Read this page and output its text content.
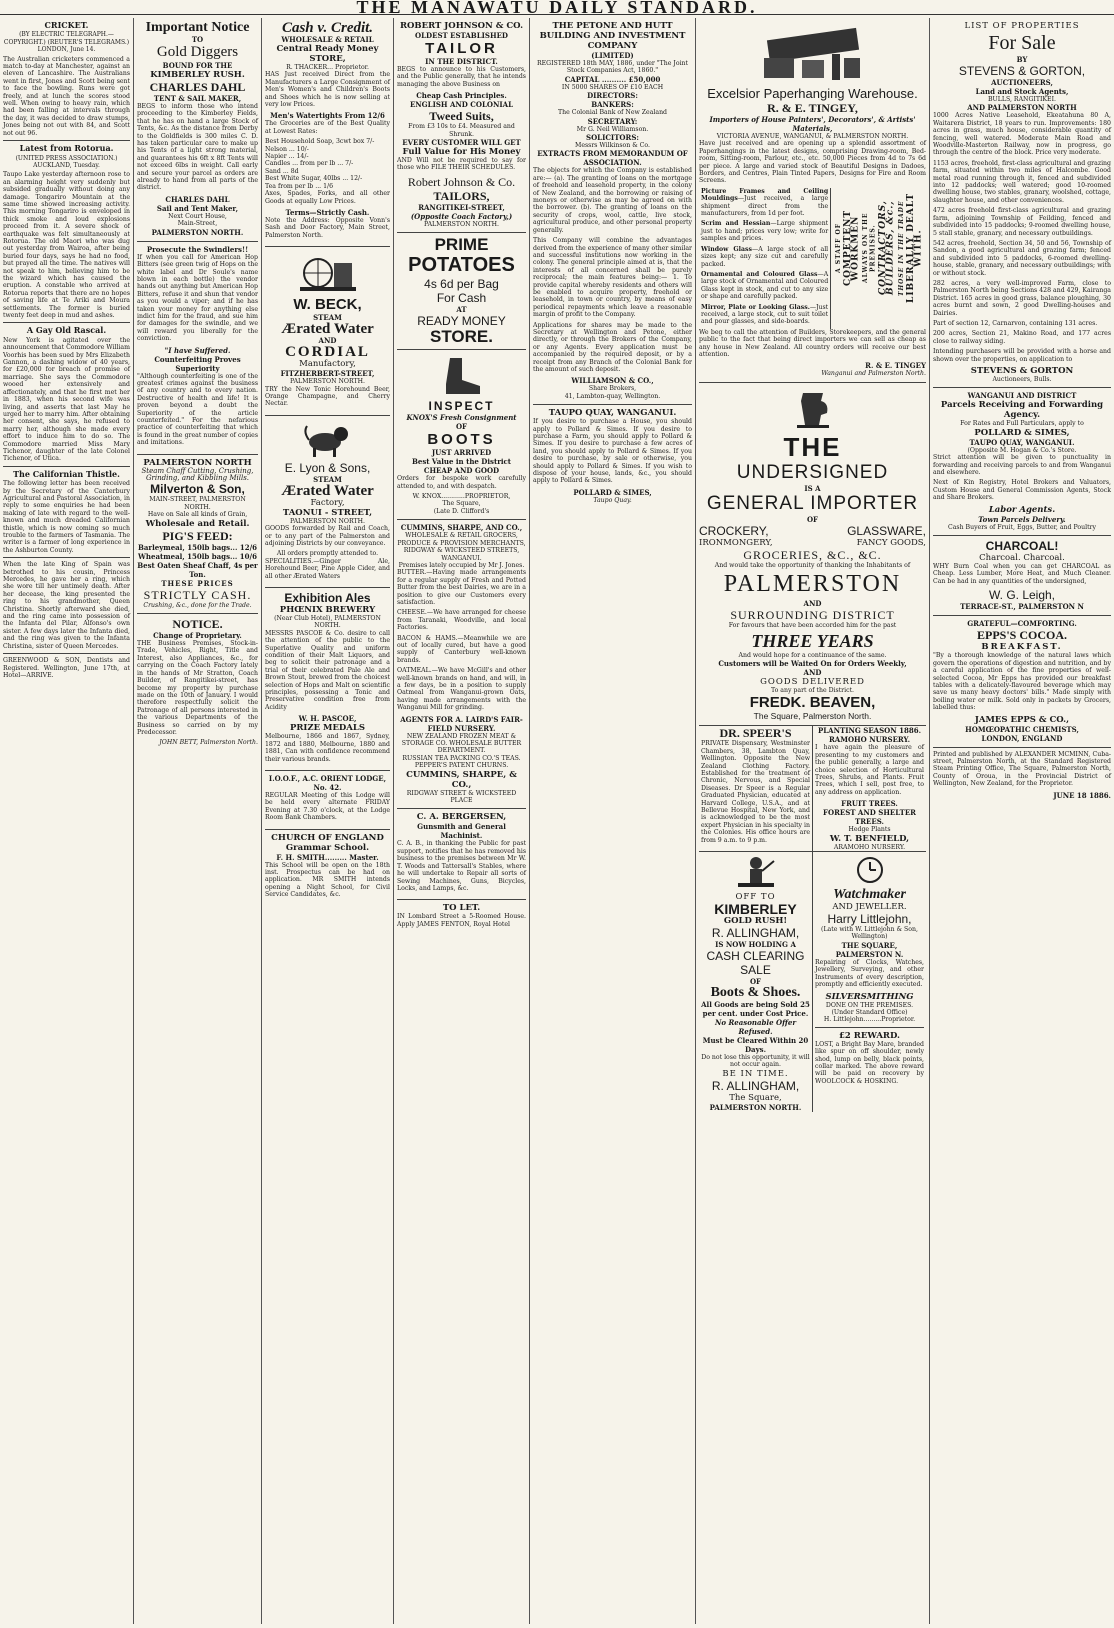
THE MANAWATU DAILY STANDARD.
CRICKET.
(BY ELECTRIC TELEGRAPH.—COPYRIGHT.) (REUTER'S TELEGRAMS.) LONDON, June 14.

The Australian cricketers commenced a match to-day at Manchester, against an eleven of Lancashire. The Australians went in first, Jones and Scott being sent to face the bowling. Runs were got freely, and at lunch the scores stood well. When owing to heavy rain, which had been falling at intervals through the day, it was decided to draw stumps, Jones being not out with 84, and Scott not out 96.

Latest from Rotorua.
(UNITED PRESS ASSOCIATION.) AUCKLAND, Tuesday.

Taupo Lake yesterday afternoon rose to an alarming height very suddenly but subsided gradually without doing any damage. Tongariro Mountain at the same time showed increasing activity. This morning Tongariro is enveloped in thick smoke and loud explosions proceed from it. A severe shock of earthquake was felt simultaneously at Rotorua. The old Maori who was dug out yesterday from Wairoa, after being buried four days, says he had no food, but prayed all the time. The natives will not speak to him, believing him to be the wizard which has caused the eruption. A constable who arrived at Rotorua reports that there are no hopes of saving life at Te Ariki and Moura settlements. The former is buried twenty feet deep in mud and ashes.

A Gay Old Rascal.

New York is agitated over the announcement that Commodore William Voorhis has been sued by Mrs Elizabeth Gannon, a dashing widow of 40 years, for £20,000 for breach of promise of marriage. She says the Commodore wooed her extensively and affectionately, and that he first met her in 1883, when his second wife was living, and asserts that last May he urged her to marry him. After obtaining her consent, she says, he refused to marry her, although she made every effort to induce him to do so. The Commodore married Miss Mary Tichenor, daughter of the late Colonel Tichenor, of Utica.

The Californian Thistle.

The following letter has been received by the Secretary of the Canterbury Agricultural and Pastoral Association, in reply to some enquiries he had been making of late with regard to the well-known and much dreaded Californian thistle, which is now coming so much trouble to the farmers of Tasmania. The writer is a farmer of long experience in the Ashburton County.

When the late King of Spain was betrothed to his cousin, Princess Mercedes, he gave her a ring, which she wore till her untimely death. After her decease, the king presented the ring to his grandmother, Queen Christina. Shortly afterward she died, and the ring came into possession of the Infanta del Pilar, Alfonso's own sister. A few days later the Infanta died, and the ring was given to the Infanta Christina, sister of Queen Mercedes.

GREENWOOD & SON, Dentists and Registered. Wellington, June 17th, at Hotel—ARRIVE.

Important Notice
TO
Gold Diggers
BOUND FOR THE
KIMBERLEY RUSH.
CHARLES DAHL
TENT & SAIL MAKER,

BEGS to inform those who intend proceeding to the Kimberley Fields, that he has on hand a large Stock of Tents, &c. As the distance from Derby to the Goldfields is 300 miles C. D. has taken particular care to make up his Tents of a light strong material, and guarantees his 6ft x 8ft Tents will not exceed 6lbs in weight. Call early and secure your parcel as orders are already to hand from all parts of the district.

CHARLES DAHL
Sail and Tent Maker,
Next Court House,
Main-Street,
PALMERSTON NORTH.
Prosecute the Swindlers!!

If when you call for American Hop Bitters (see green twig of Hops on the white label and Dr Soule's name blown in each bottle) the vendor hands out anything but American Hop Bitters, refuse it and shun that vendor as you would a viper; and if he has taken your money for anything else indict him for the fraud, and sue him for damages for the swindle, and we will reward you liberally for the conviction.

"I have Suffered.
Counterfeiting Proves Superiority

"Although counterfeiting is one of the greatest crimes against the business of any country and to every nation. Destructive of health and life! It is proven beyond a doubt the Superiority of the article counterfeited." For the nefarious practice of counterfeiting that which is found in the great number of copies and imitations.

PALMERSTON NORTH
Steam Chaff Cutting, Crushing, Grinding, and Kibbling Mills.
Milverton & Son,
MAIN-STREET, PALMERSTON NORTH.
Have on Sale all kinds of Grain,
Wholesale and Retail.
PIG'S FEED:
Barleymeal, 150lb bags... 12/6
Wheatmeal, 150lb bags... 10/6
Best Oaten Sheaf Chaff, 4s per Ton.
THESE PRICES
STRICTLY CASH.
Crushing, &c., done for the Trade.
NOTICE.
Change of Proprietary.

THE Business Premises, Stock-in-Trade, Vehicles, Right, Title and Interest, also Appliances, &c., for carrying on the Coach Factory lately in the hands of Mr Stratton, Coach Builder, of Rangitikei-street, has become my property by purchase made on the 10th of January. I would therefore respectfully solicit the Patronage of all persons interested in the various Departments of the Business so carried on by my Predecessor.

JOHN BETT, Palmerston North.
Cash v. Credit.
WHOLESALE & RETAIL
Central Ready Money STORE,
R. THACKER... Proprietor.

HAS Just received Direct from the Manufacturers a Large Consignment of Men's Women's and Children's Boots and Shoes which he is now selling at very low Prices.

Men's Watertights From 12/6

The Groceries are of the Best Quality at Lowest Rates:

Best Household Soap, 3cwt box 7/-
Nelson ... 10/-
Napier ... 14/-
Candles ... from per lb ... 7/-
Sand ... 8d
Best White Sugar, 40lbs ... 12/-
Tea from per lb ... 1/6

Axes, Spades, Forks, and all other Goods at equally Low Prices.

Terms—Strictly Cash.

Note the Address: Opposite Vonn's Sash and Door Factory, Main Street, Palmerston North.

W. BECK,
STEAM
Ærated Water
AND
CORDIAL
Manufactory,
FITZHERBERT-STREET,
PALMERSTON NORTH.

TRY the New Tonic Horehound Beer, Orange Champagne, and Cherry Nectar.

E. Lyon & Sons,
STEAM
Ærated Water
Factory,
TAONUI - STREET,
PALMERSTON NORTH.

GOODS forwarded by Rail and Coach, or to any part of the Palmerston and adjoining Districts by our conveyance.

All orders promptly attended to.

SPECIALITIES.—Ginger Ale, Horehound Beer, Pine Apple Cider, and all other Ærated Waters

Exhibition Ales
PHŒNIX BREWERY
(Near Club Hotel), PALMERSTON NORTH.

MESSRS PASCOE & Co. desire to call the attention of the public to the Superlative Quality and uniform condition of their Malt Liquors, and beg to solicit their patronage and a trial of their celebrated Pale Ale and Brown Stout, brewed from the choicest selection of Hops and Malt on scientific principles, possessing a Tonic and Preservative condition free from Acidity

W. H. PASCOE,
PRIZE MEDALS

Melbourne, 1866 and 1867, Sydney, 1872 and 1880, Melbourne, 1880 and 1881, Can with confidence recommend their various brands.

I.O.O.F., A.C. ORIENT LODGE, No. 42.

REGULAR Meeting of this Lodge will be held every alternate FRIDAY Evening at 7.30 o'clock, at the Lodge Room Bank Chambers.

CHURCH OF ENGLAND
Grammar School.
F. H. SMITH......... Master.

This School will be open on the 18th inst. Prospectus can be had on application. MR SMITH intends opening a Night School, for Civil Service Candidates, &c.

ROBERT JOHNSON & CO.
OLDEST ESTABLISHED
TAILOR
IN THE DISTRICT.

BEGS to announce to his Customers, and the Public generally, that he intends managing the above Business on

Cheap Cash Principles.
ENGLISH AND COLONIAL
Tweed Suits,
From £3 10s to £4. Measured and Shrunk.
EVERY CUSTOMER WILL GET
Full Value for His Money

AND Will not be required to say for those who FILE THEIR SCHEDULES.

Robert Johnson & Co.
TAILORS,
RANGITIKEI-STREET,
(Opposite Coach Factory,)
PALMERSTON NORTH.
PRIME
POTATOES
4s 6d per Bag
For Cash
AT
READY MONEY
STORE.
INSPECT
KNOX'S Fresh Consignment
OF
BOOTS
JUST ARRIVED
Best Value in the District
CHEAP AND GOOD

Orders for bespoke work carefully attended to, and with despatch.

W. KNOX............PROPRIETOR,
The Square,
(Late D. Clifford's
CUMMINS, SHARPE, AND CO.,
WHOLESALE & RETAIL GROCERS, PRODUCE & PROVISION MERCHANTS,
RIDGWAY & WICKSTEED STREETS, WANGANUI.
Premises lately occupied by Mr J. Jones.

BUTTER.—Having made arrangements for a regular supply of Fresh and Potted Butter from the best Dairies, we are in a position to give our Customers every satisfaction.

CHEESE.—We have arranged for cheese from Taranaki, Woodville, and local Factories.

BACON & HAMS.—Meanwhile we are out of locally cured, but have a good supply of Canterbury well-known brands.

OATMEAL.—We have McGill's and other well-known brands on hand, and will, in a few days, be in a position to supply Oatmeal from Wanganui-grown Oats, having made arrangements with the Wanganui Mill for grinding.

AGENTS FOR A. LAIRD'S FAIR-FIELD NURSERY.
NEW ZEALAND FROZEN MEAT & STORAGE CO. WHOLESALE BUTTER DEPARTMENT.
RUSSIAN TEA PACKING CO.'S TEAS.
PEPPER'S PATENT CHURNS.
CUMMINS, SHARPE, & CO.,
RIDGWAY STREET & WICKSTEED PLACE
C. A. BERGERSEN,
Gunsmith and General Machinist.

C. A. B., in thanking the Public for past support, notifies that he has removed his business to the premises between Mr W. T. Woods and Tattersall's Stables, where he will undertake to Repair all sorts of Sewing Machines, Guns, Bicycles, Locks, and Lamps, &c.

TO LET.

IN Lombard Street a 5-Roomed House. Apply JAMES FENTON, Royal Hotel

THE PETONE AND HUTT BUILDING AND INVESTMENT COMPANY
(LIMITED)
REGISTERED 18th MAY, 1886, under "The Joint Stock Companies Act, 1860."
CAPITAL .......... £50,000
IN 5000 SHARES OF £10 EACH
DIRECTORS:
BANKERS:
The Colonial Bank of New Zealand
SECRETARY:
Mr G. Neil Williamson.
SOLICITORS:
Messrs Wilkinson & Co.
EXTRACTS FROM MEMORANDUM OF ASSOCIATION.

The objects for which the Company is established are:— (a). The granting of loans on the mortgage of freehold and leasehold property, in the colony of New Zealand, and the borrowing or raising of moneys or otherwise as may be agreed on with the borrower. (b). The granting of loans on the security of crops, wool, cattle, live stock, agricultural produce, and other personal property generally.

This Company will combine the advantages derived from the experience of many other similar and successful institutions now working in the colony. The general principle aimed at is, that the interests of all concerned shall be purely reciprocal; the main features being:— 1. To provide capital whereby residents and others will be enabled to acquire property, freehold or leasehold, in town or country, by means of easy periodical repayments which leave a reasonable margin of profit to the Company.

Applications for shares may be made to the Secretary at Wellington and Petone, either directly, or through the Brokers of the Company, or any Agents. Every application must be accompanied by the required deposit, or by a receipt from any Branch of the Colonial Bank for the amount of such deposit.

WILLIAMSON & CO.,
Share Brokers,
41, Lambton-quay, Wellington.
TAUPO QUAY, WANGANUI.

If you desire to purchase a House, you should apply to Pollard & Simes. If you desire to purchase a Farm, you should apply to Pollard & Simes. If you desire to purchase a few acres of land, you should apply to Pollard & Simes. If you desire to purchase, by sale or otherwise, you should apply to Pollard & Simes. If you wish to dispose of your house, lands, &c., you should apply to Pollard & Simes.

POLLARD & SIMES,
Taupo Quay.
Excelsior Paperhanging Warehouse.
R. & E. TINGEY,
Importers of House Painters', Decorators', & Artists' Materials,
VICTORIA AVENUE, WANGANUI, & PALMERSTON NORTH.

Have just received and are opening up a splendid assortment of Paperhangings in the latest designs, comprising Drawing-room, Bed-room, Sitting-room, Parlour, etc., etc. 50,000 Pieces from 4d to 7s 6d per piece. A large and varied stock of Beautiful Designs in Dadoes, Borders, and Centres, Plain Tinted Papers, Designs for Fire and Room Screens.

Picture Frames and Ceiling Mouldings—Just received, a large shipment direct from the manufacturers, from 1d per foot.

Scrim and Hessian—Large shipment just to hand; prices very low; write for samples and prices.

Window Glass—A large stock of all sizes kept; any size cut and carefully packed.

Ornamental and Coloured Glass—A large stock of Ornamental and Coloured Glass kept in stock, and cut to any size or shape and carefully packed.

Mirror, Plate or Looking Glass.—Just received, a large stock, cut to suit toilet and pour glasses, and side-boards.

A STAFF OF COMPETENT WORKMEN ALWAYS ON THE PREMISES. CONTRACTORS, BUILDERS, &c., THOSE IN THE TRADE LIBERALLY DEALT WITH.

We beg to call the attention of Builders, Storekeepers, and the general public to the fact that being direct importers we can sell as cheap as any house in New Zealand. All country orders will receive our best attention.

R. & E. TINGEY
Wanganui and Palmerston North.
THE
UNDERSIGNED
IS A
GENERAL IMPORTER
OF
CROCKERY,	GLASSWARE,
IRONMONGERY,	FANCY GOODS,
GROCERIES, &C., &C.
And would take the opportunity of thanking the Inhabitants of
PALMERSTON
AND
SURROUNDING DISTRICT
For favours that have been accorded him for the past
THREE YEARS
And would hope for a continuance of the same.
Customers will be Waited On for Orders Weekly,
AND
GOODS DELIVERED
To any part of the District.
FREDK. BEAVEN,
The Square, Palmerston North.
DR. SPEER'S

PRIVATE Dispensary, Westminster Chambers, 38, Lambton Quay, Wellington. Opposite the New Zealand Clothing Factory. Established for the treatment of Chronic, Nervous, and Special Diseases. Dr Speer is a Regular Graduated Physician, educated at Harvard College, U.S.A., and at Bellevue Hospital, New York, and is acknowledged to be the most expert Physician in his specialty in the Colonies. His office hours are from 9 a.m. to 9 p.m.

PLANTING SEASON 1886.
RAMOHO NURSERY.

I have again the pleasure of presenting to my customers and the public generally, a large and choice selection of Horticultural Trees, Shrubs, and Plants. Fruit Trees, which I sell, post free, to any address on application.

FRUIT TREES.
FOREST AND SHELTER TREES.
Hedge Plants
W. T. BENFIELD,
ARAMOHO NURSERY.
OFF TO
KIMBERLEY
GOLD RUSH!
R. ALLINGHAM,
IS NOW HOLDING A
CASH CLEARING SALE
OF
Boots & Shoes.
All Goods are being Sold 25 per cent. under Cost Price.
No Reasonable Offer Refused.
Must be Cleared Within 20 Days.
Do not lose this opportunity, it will not occur again.
BE IN TIME.
R. ALLINGHAM,
The Square,
PALMERSTON NORTH.
Watchmaker
AND JEWELLER.
Harry Littlejohn,
(Late with W. Littlejohn & Son, Wellington)
THE SQUARE, PALMERSTON N.

Repairing of Clocks, Watches, Jewellery, Surveying, and other Instruments of every description, promptly and efficiently executed.

SILVERSMITHING
DONE ON THE PREMISES.
(Under Standard Office)
H. Littlejohn.........Proprietor.
£2 REWARD.

LOST, a Bright Bay Mare, branded like spur on off shoulder, newly shod, lump on belly, black points, collar marked. The above reward will be paid on recovery by WOOLCOCK & HOSKING.

LIST OF PROPERTIES
For Sale
BY
STEVENS & GORTON,
AUCTIONEERS,
Land and Stock Agents,
BULLS, RANGITIKEI.
AND PALMERSTON NORTH

1000 Acres Native Leasehold, Ekeatahuna 80 A, Waitarera District, 18 years to run. Improvements: 180 acres in grass, much house, considerable quantity of fencing, well watered. Moderate Main Road and Woodville-Masterton Railway, now in progress, go through the centre of the block. Price very moderate.

1153 acres, freehold, first-class agricultural and grazing farm, situated within two miles of Halcombe. Good metal road running through it, fenced and subdivided into 12 paddocks; well watered; good 10-roomed dwelling house, two stables, granary, woolshed, cottage, slaughter house, and other conveniences.

472 acres freehold first-class agricultural and grazing farm, adjoining Township of Feilding, fenced and subdivided into 15 paddocks; 9-roomed dwelling house, 5 stall stable, granary, and necessary outbuildings.

542 acres, freehold, Section 34, 50 and 56, Township of Sandon, a good agricultural and grazing farm; fenced and subdivided into 5 paddocks, 6-roomed dwelling-house, stable, granary, and necessary outbuildings; with or without stock.

282 acres, a very well-improved Farm, close to Palmerston North being Sections 428 and 429, Kairanga District. 165 acres in good grass, balance ploughing, 30 acres burnt and sown, 2 good Dwelling-houses and Dairies.

Part of section 12, Carnarvon, containing 131 acres.

200 acres, Section 21, Makino Road, and 177 acres close to railway siding.

Intending purchasers will be provided with a horse and shown over the properties, on application to

STEVENS & GORTON
Auctioneers, Bulls.
WANGANUI AND DISTRICT
Parcels Receiving and Forwarding Agency.
For Rates and Full Particulars, apply to
POLLARD & SIMES,
TAUPO QUAY, WANGANUI.
(Opposite M. Hogan & Co.'s Store.

Strict attention will be given to punctuality in forwarding and receiving parcels to and from Wanganui and elsewhere.

Next of Kin Registry, Hotel Brokers and Valuators, Custom House and General Commission Agents, Stock and Share Brokers.

Labor Agents.
Town Parcels Delivery.
Cash Buyers of Fruit, Eggs, Butter, and Poultry
CHARCOAL!
Charcoal. Charcoal.

WHY Burn Coal when you can get CHARCOAL as Cheap. Less Lumber, More Heat, and Much Cleaner. Can be had in any quantities of the undersigned,

W. G. Leigh,
TERRACE-ST., PALMERSTON N
GRATEFUL—COMFORTING.
EPPS'S COCOA.
BREAKFAST.

"By a thorough knowledge of the natural laws which govern the operations of digestion and nutrition, and by a careful application of the fine properties of well-selected Cocoa, Mr Epps has provided our breakfast tables with a delicately-flavoured beverage which may save us many heavy doctors' bills." Made simply with boiling water or milk. Sold only in packets by Grocers, labelled thus:

JAMES EPPS & CO.,
HOMŒOPATHIC CHEMISTS,
LONDON, ENGLAND

Printed and published by ALEXANDER MCMINN, Cuba-street, Palmerston North, at the Standard Registered Steam Printing Office, The Square, Palmerston North, County of Oroua, in the Provincial District of Wellington, New Zealand, for the Proprietor.

JUNE 18 1886.
